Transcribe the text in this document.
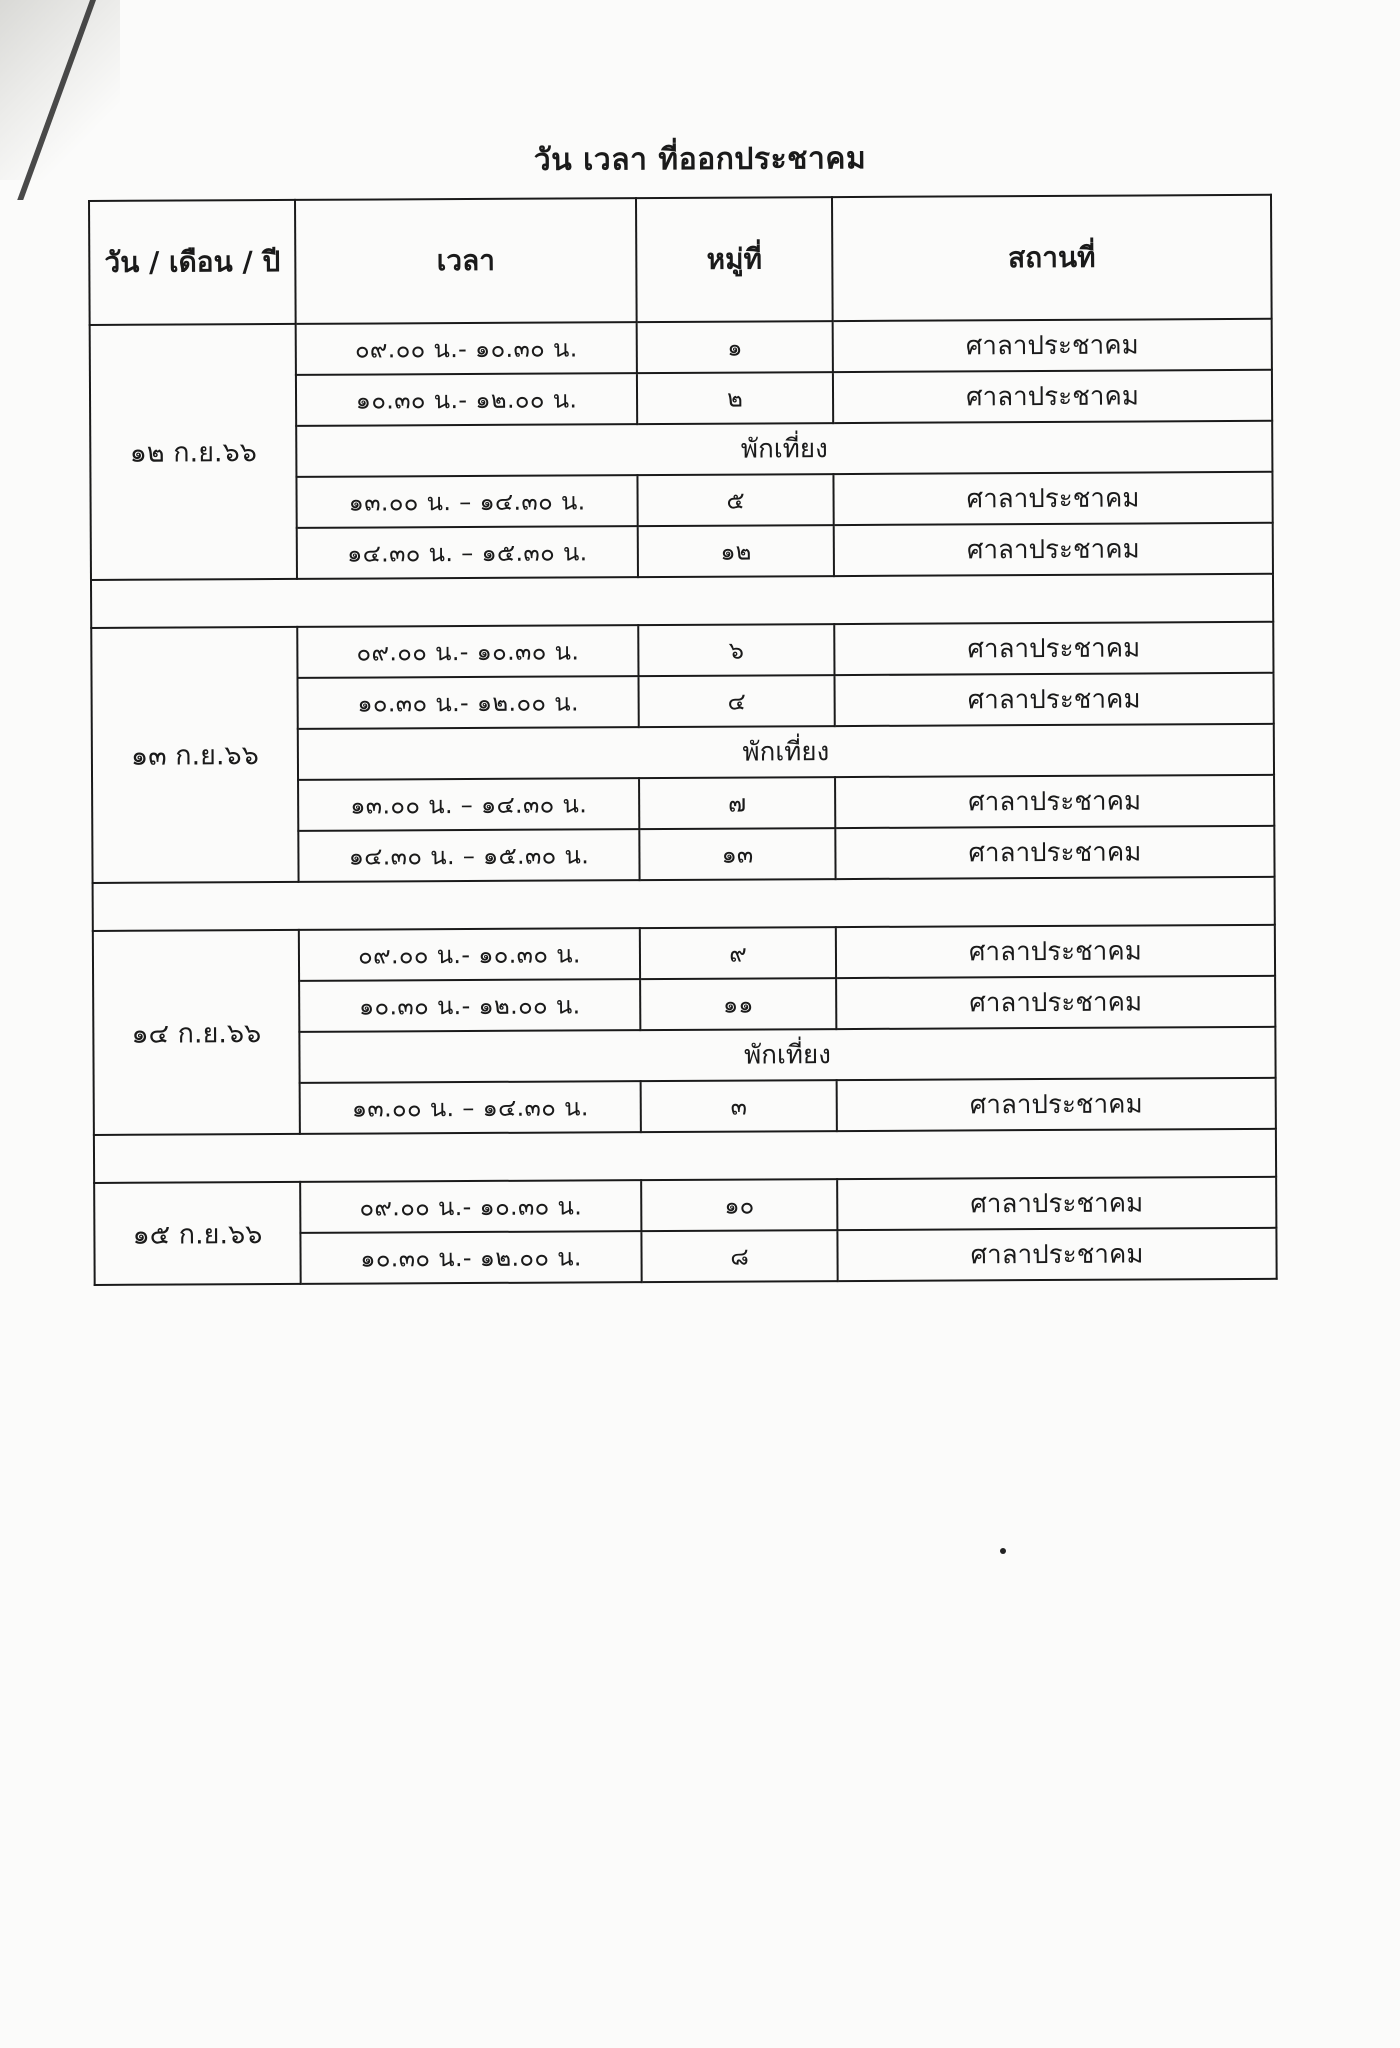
วัน เวลา ที่ออกประชาคม
วัน / เดือน / ปี	เวลา	หมู่ที่	สถานที่
๑๒ ก.ย.๖๖	๐๙.๐๐ น.- ๑๐.๓๐ น.	๑	ศาลาประชาคม
	๑๐.๓๐ น.- ๑๒.๐๐ น.	๒	ศาลาประชาคม
	พักเที่ยง		
	๑๓.๐๐ น. – ๑๔.๓๐ น.	๕	ศาลาประชาคม
	๑๔.๓๐ น. – ๑๕.๓๐ น.	๑๒	ศาลาประชาคม

๑๓ ก.ย.๖๖	๐๙.๐๐ น.- ๑๐.๓๐ น.	๖	ศาลาประชาคม
	๑๐.๓๐ น.- ๑๒.๐๐ น.	๔	ศาลาประชาคม
	พักเที่ยง		
	๑๓.๐๐ น. – ๑๔.๓๐ น.	๗	ศาลาประชาคม
	๑๔.๓๐ น. – ๑๕.๓๐ น.	๑๓	ศาลาประชาคม

๑๔ ก.ย.๖๖	๐๙.๐๐ น.- ๑๐.๓๐ น.	๙	ศาลาประชาคม
	๑๐.๓๐ น.- ๑๒.๐๐ น.	๑๑	ศาลาประชาคม
	พักเที่ยง		
	๑๓.๐๐ น. – ๑๔.๓๐ น.	๓	ศาลาประชาคม

๑๕ ก.ย.๖๖	๐๙.๐๐ น.- ๑๐.๓๐ น.	๑๐	ศาลาประชาคม
	๑๐.๓๐ น.- ๑๒.๐๐ น.	๘	ศาลาประชาคม
